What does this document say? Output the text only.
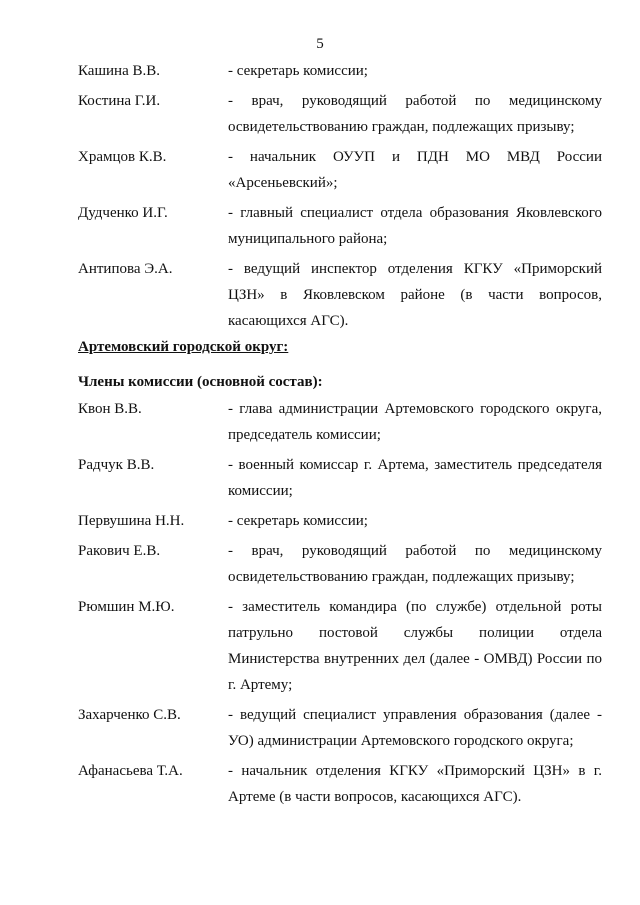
5
Кашина В.В.	- секретарь комиссии;
Костина Г.И.	- врач, руководящий работой по медицинскому освидетельствованию граждан, подлежащих призыву;
Храмцов К.В.	- начальник ОУУП и ПДН МО МВД России «Арсеньевский»;
Дудченко И.Г.	- главный специалист отдела образования Яковлевского муниципального района;
Антипова Э.А.	- ведущий инспектор отделения КГКУ «Приморский ЦЗН» в Яковлевском районе (в части вопросов, касающихся АГС).
Артемовский городской округ:
Члены комиссии (основной состав):
Квон В.В.	- глава администрации Артемовского городского округа, председатель комиссии;
Радчук В.В.	- военный комиссар г. Артема, заместитель председателя комиссии;
Первушина Н.Н.	- секретарь комиссии;
Ракович Е.В.	- врач, руководящий работой по медицинскому освидетельствованию граждан, подлежащих призыву;
Рюмшин М.Ю.	- заместитель командира (по службе) отдельной роты патрульно постовой службы полиции отдела Министерства внутренних дел (далее - ОМВД) России по г. Артему;
Захарченко С.В.	- ведущий специалист управления образования (далее - УО) администрации Артемовского городского округа;
Афанасьева Т.А.	- начальник отделения КГКУ «Приморский ЦЗН» в г. Артеме (в части вопросов, касающихся АГС).
